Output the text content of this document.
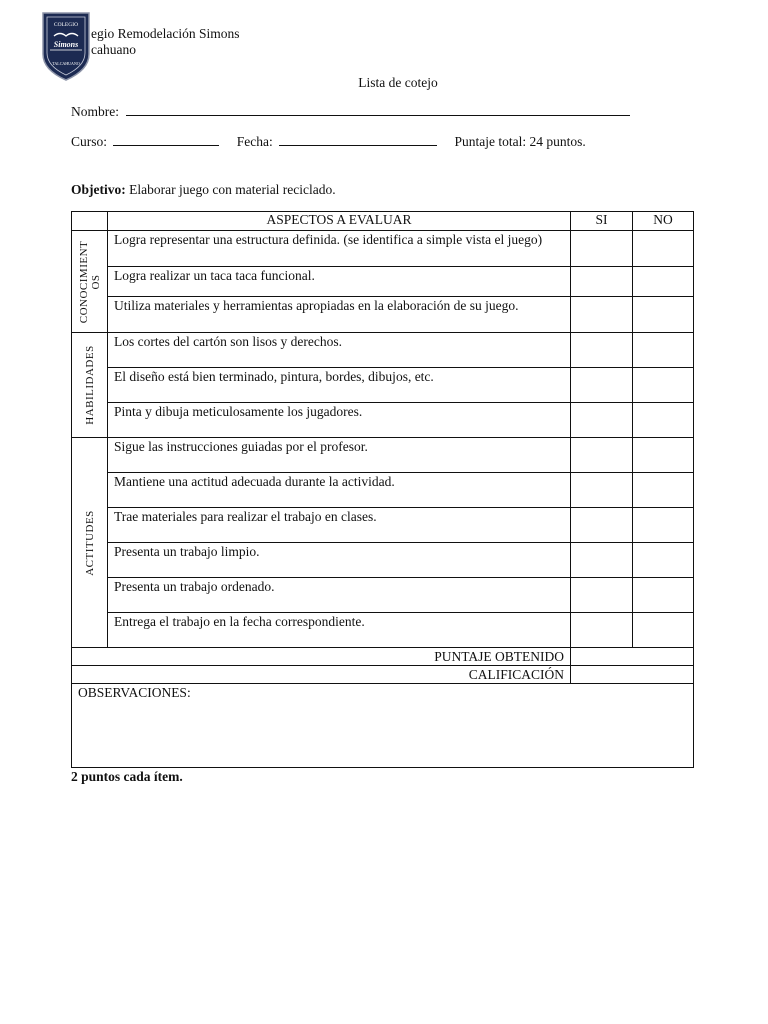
COLEGIO
Simons
TALCAHUANO
egio Remodelación Simons
cahuano
Lista de cotejo
Nombre:
Curso:	Fecha:	Puntaje total: 24 puntos.
Objetivo: Elaborar juego con material reciclado.
	ASPECTOS A EVALUAR	SI	NO

CONOCIMIENT OS	Logra representar una estructura definida. (se identifica a simple vista el juego)		
	Logra realizar un taca taca funcional.		
	Utiliza materiales y herramientas apropiadas en la elaboración de su juego.		

HABILIDADES	Los cortes del cartón son lisos y derechos.		
	El diseño está bien terminado, pintura, bordes, dibujos, etc.		
	Pinta y dibuja meticulosamente los jugadores.		

ACTITUDES	Sigue las instrucciones guiadas por el profesor.		
	Mantiene una actitud adecuada durante la actividad.		
	Trae materiales para realizar el trabajo en clases.		
	Presenta un trabajo limpio.		
	Presenta un trabajo ordenado.		
	Entrega el trabajo en la fecha correspondiente.		
PUNTAJE OBTENIDO			
CALIFICACIÓN			
OBSERVACIONES:			
2 puntos cada ítem.
